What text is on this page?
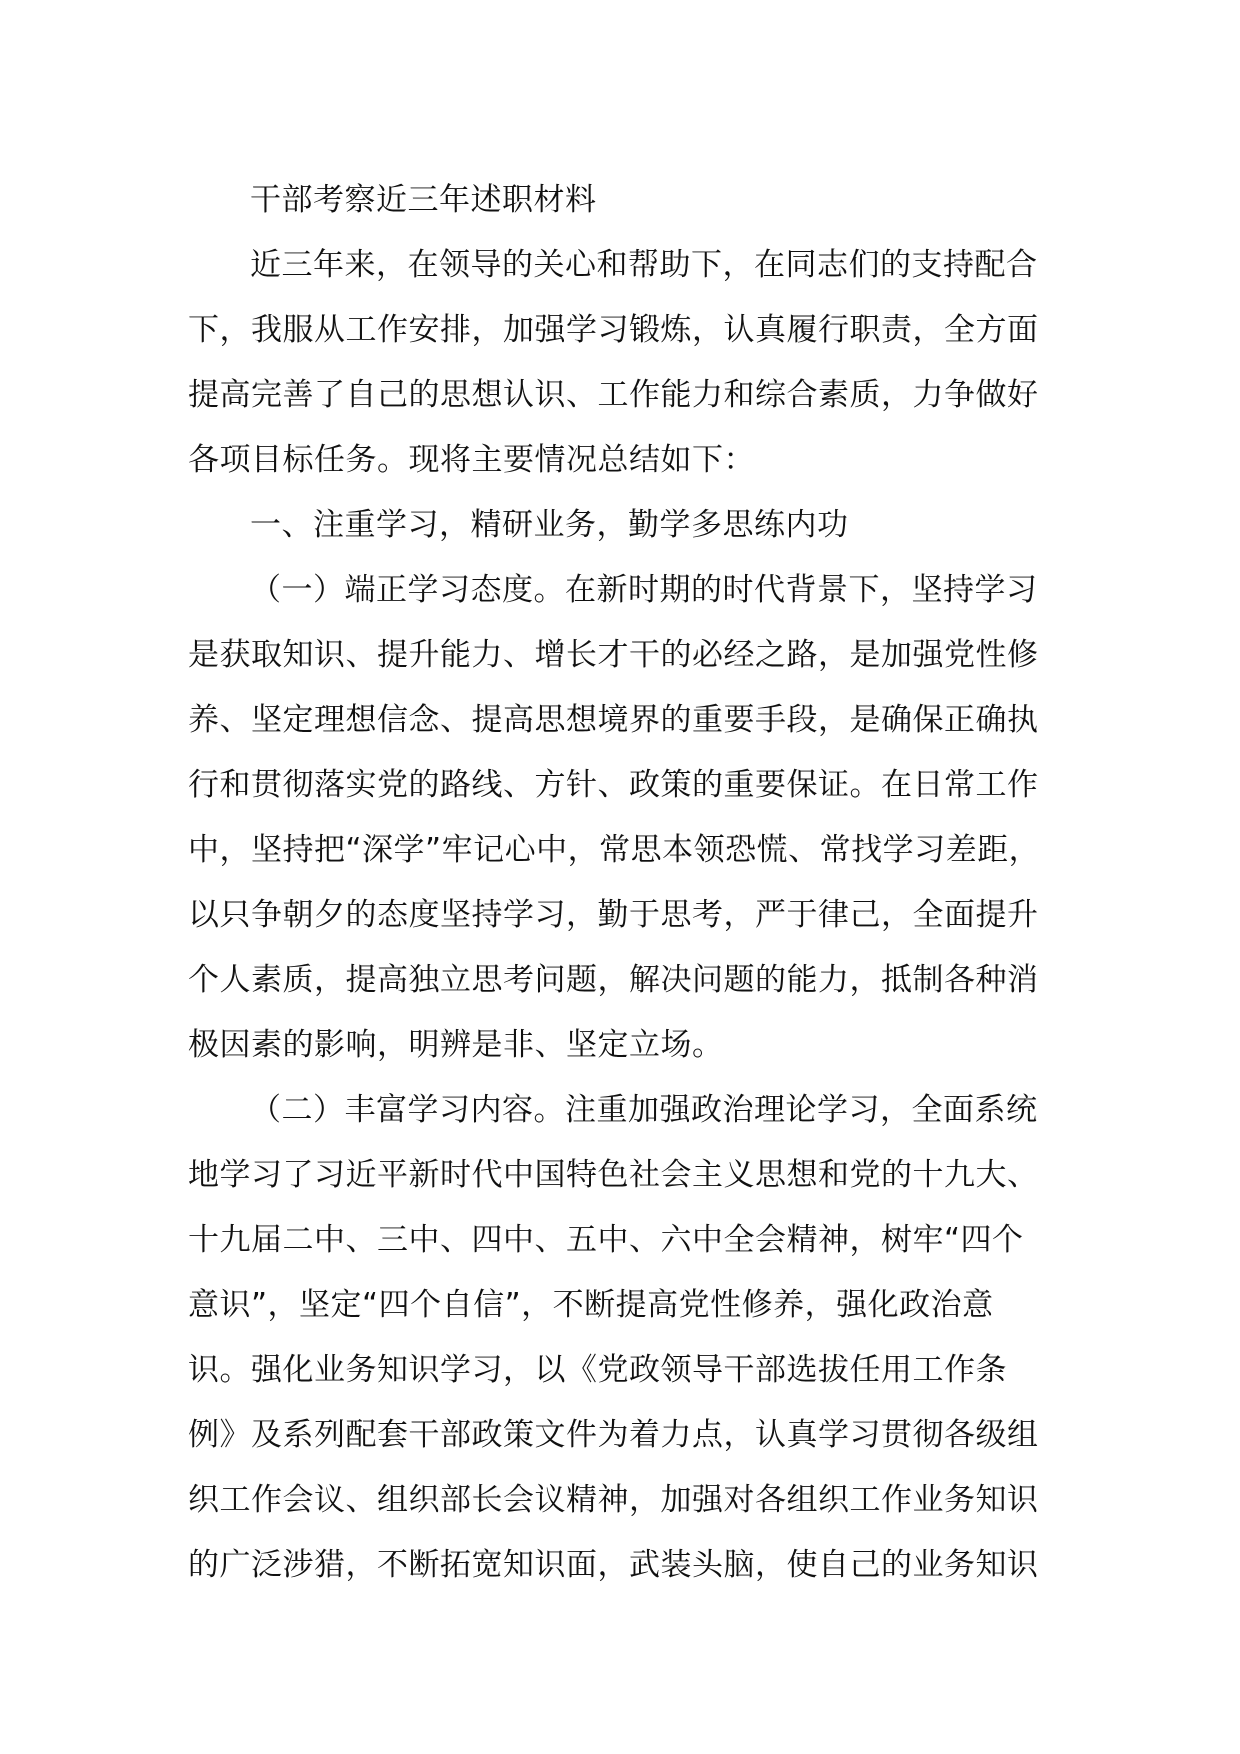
干部考察近三年述职材料

近三年来，在领导的关心和帮助下，在同志们的支持配合
下，我服从工作安排，加强学习锻炼，认真履行职责，全方面
提高完善了自己的思想认识、工作能力和综合素质，力争做好
各项目标任务。现将主要情况总结如下：

一、注重学习，精研业务，勤学多思练内功

（一）端正学习态度。在新时期的时代背景下，坚持学习
是获取知识、提升能力、增长才干的必经之路，是加强党性修
养、坚定理想信念、提高思想境界的重要手段，是确保正确执
行和贯彻落实党的路线、方针、政策的重要保证。在日常工作
中，坚持把“深学”牢记心中，常思本领恐慌、常找学习差距，
以只争朝夕的态度坚持学习，勤于思考，严于律己，全面提升
个人素质，提高独立思考问题，解决问题的能力，抵制各种消
极因素的影响，明辨是非、坚定立场。

（二）丰富学习内容。注重加强政治理论学习，全面系统
地学习了习近平新时代中国特色社会主义思想和党的十九大、
十九届二中、三中、四中、五中、六中全会精神，树牢“四个
意识”，坚定“四个自信”，不断提高党性修养，强化政治意
识。强化业务知识学习，以《党政领导干部选拔任用工作条
例》及系列配套干部政策文件为着力点，认真学习贯彻各级组
织工作会议、组织部长会议精神，加强对各组织工作业务知识
的广泛涉猎，不断拓宽知识面，武装头脑，使自己的业务知识
